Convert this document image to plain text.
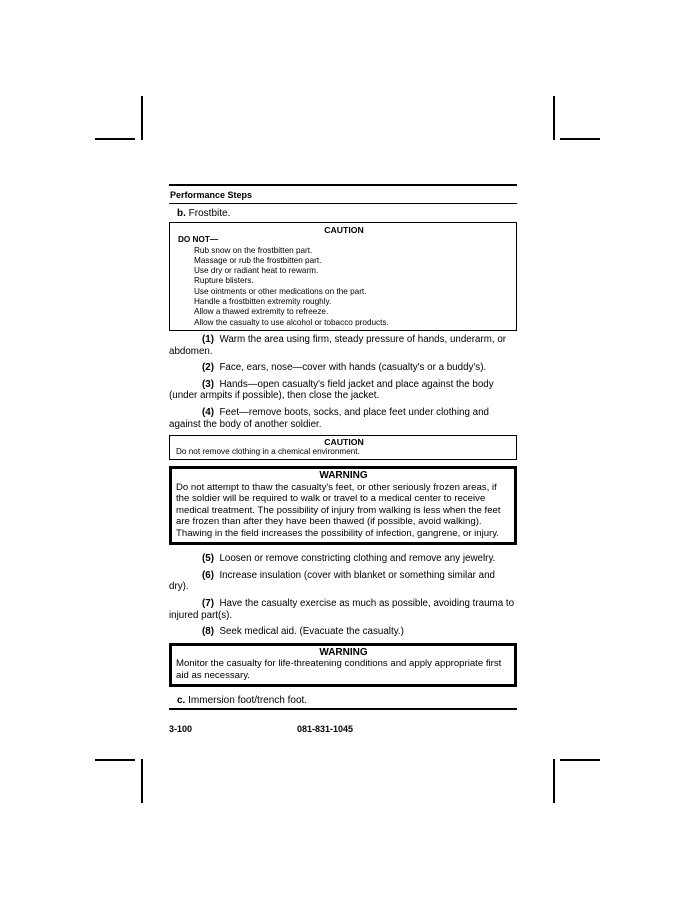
Performance Steps
b. Frostbite.
CAUTION
DO NOT—
Rub snow on the frostbitten part.
Massage or rub the frostbitten part.
Use dry or radiant heat to rewarm.
Rupture blisters.
Use ointments or other medications on the part.
Handle a frostbitten extremity roughly.
Allow a thawed extremity to refreeze.
Allow the casualty to use alcohol or tobacco products.

(1) Warm the area using firm, steady pressure of hands, underarm, or abdomen.

(2) Face, ears, nose—cover with hands (casualty's or a buddy's).

(3) Hands—open casualty's field jacket and place against the body (under armpits if possible), then close the jacket.

(4) Feet—remove boots, socks, and place feet under clothing and against the body of another soldier.

CAUTION
Do not remove clothing in a chemical environment.
WARNING
Do not attempt to thaw the casualty's feet, or other seriously frozen areas, if the soldier will be required to walk or travel to a medical center to receive medical treatment. The possibility of injury from walking is less when the feet are frozen than after they have been thawed (if possible, avoid walking). Thawing in the field increases the possibility of infection, gangrene, or injury.

(5) Loosen or remove constricting clothing and remove any jewelry.

(6) Increase insulation (cover with blanket or something similar and dry).

(7) Have the casualty exercise as much as possible, avoiding trauma to injured part(s).

(8) Seek medical aid. (Evacuate the casualty.)

WARNING
Monitor the casualty for life-threatening conditions and apply appropriate first aid as necessary.
c. Immersion foot/trench foot.
3-100	081-831-1045
